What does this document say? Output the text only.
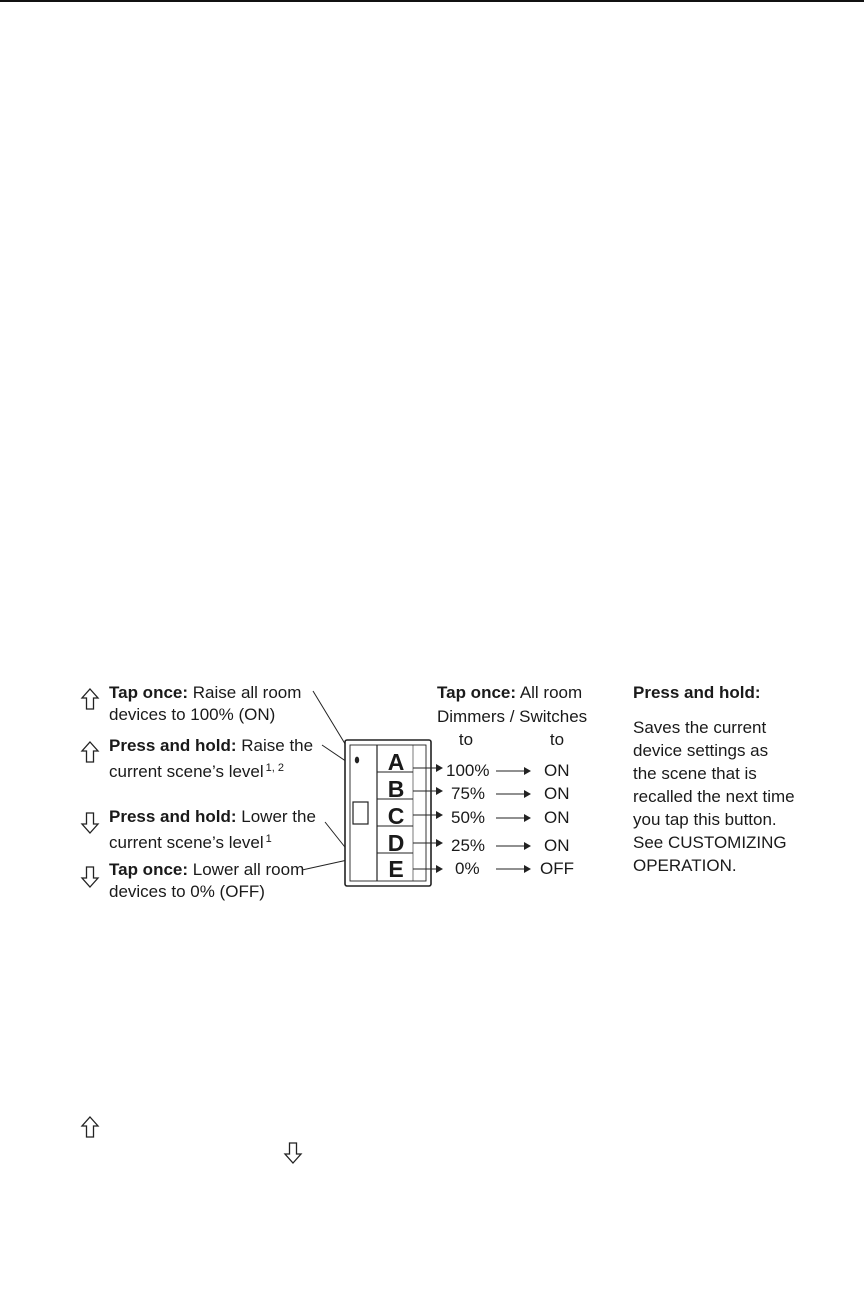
Tap once: Raise all room
devices to 100% (ON)
Press and hold: Raise the
current scene’s level $^{1, 2}$
Press and hold: Lower the
current scene’s level $^1$
Tap once: Lower all room
devices to 0% (OFF)
A
B
C
D
E
Tap once: All room
Dimmers / Switches
to	to
100%	ON
75%	ON
50%	ON
25%	ON
0%	OFF
Press and hold:
Saves the current
device settings as
the scene that is
recalled the next time
you tap this button.
See CUSTOMIZING
OPERATION.
